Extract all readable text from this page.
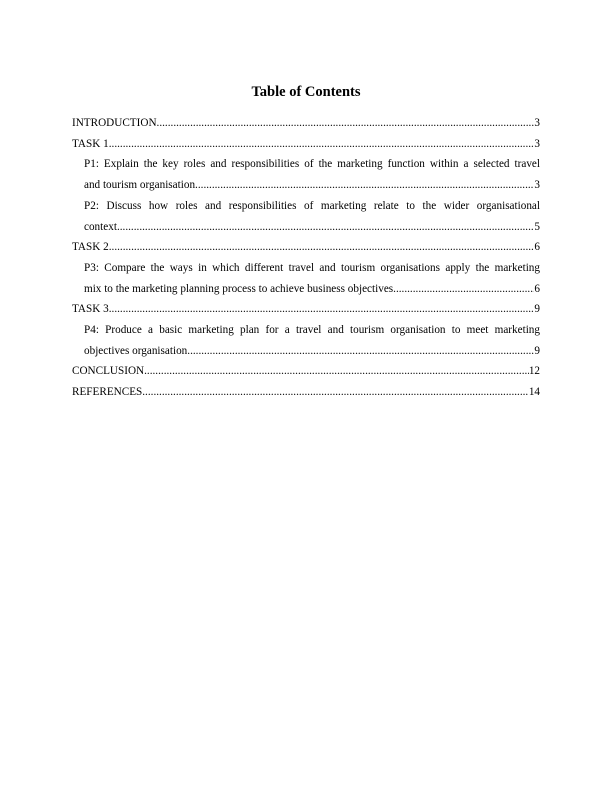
Table of Contents
INTRODUCTION .....	3
TASK 1 .....	3
P1: Explain the key roles and responsibilities of the marketing function within a selected travel
and tourism organisation .....	3
P2: Discuss how roles and responsibilities of marketing relate to the wider organisational
context .....	5
TASK 2 .....	6
P3: Compare the ways in which different travel and tourism organisations apply the marketing
mix to the marketing planning process to achieve business objectives .....	6
TASK 3 .....	9
P4: Produce a basic marketing plan for a travel and tourism organisation to meet marketing
objectives organisation .....	9
CONCLUSION .....	12
REFERENCES .....	14
